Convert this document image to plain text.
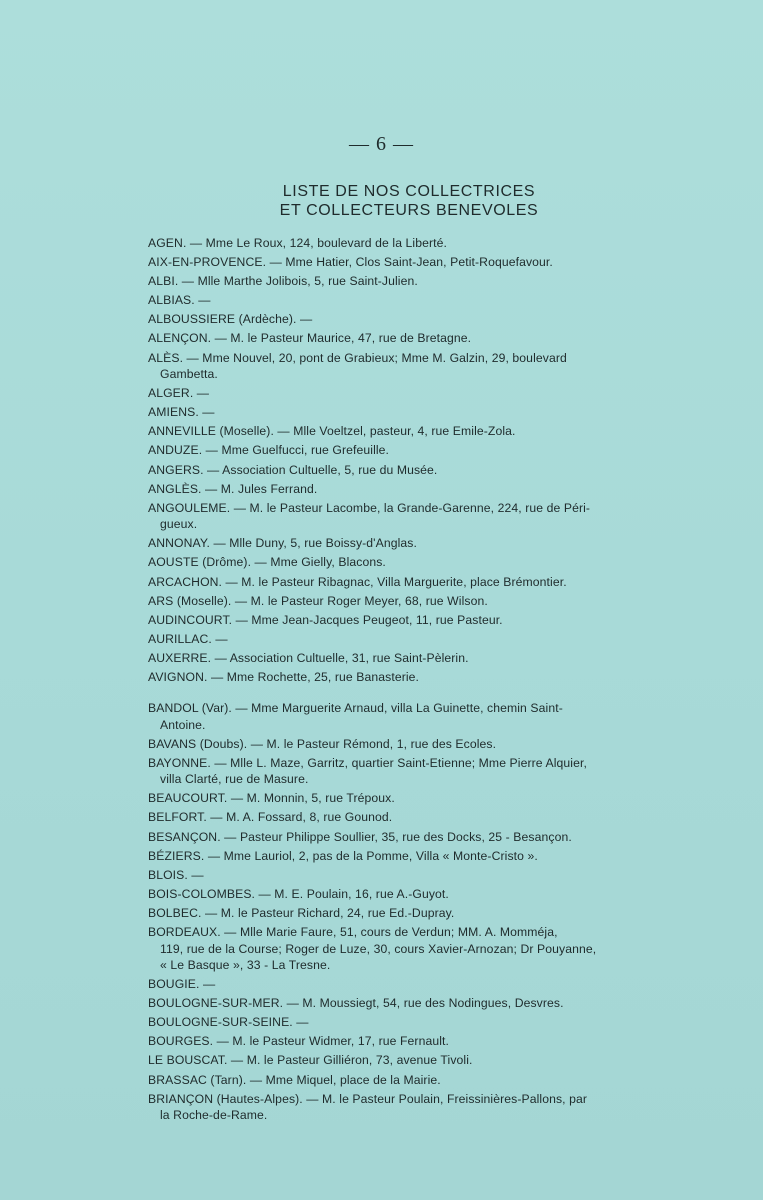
— 6 —
LISTE DE NOS COLLECTRICES
ET COLLECTEURS BENEVOLES
AGEN. — Mme Le Roux, 124, boulevard de la Liberté.
AIX-EN-PROVENCE. — Mme Hatier, Clos Saint-Jean, Petit-Roquefavour.
ALBI. — Mlle Marthe Jolibois, 5, rue Saint-Julien.
ALBIAS. —
ALBOUSSIERE (Ardèche). —
ALENÇON. — M. le Pasteur Maurice, 47, rue de Bretagne.
ALÈS. — Mme Nouvel, 20, pont de Grabieux; Mme M. Galzin, 29, boulevard
Gambetta.
ALGER. —
AMIENS. —
ANNEVILLE (Moselle). — Mlle Voeltzel, pasteur, 4, rue Emile-Zola.
ANDUZE. — Mme Guelfucci, rue Grefeuille.
ANGERS. — Association Cultuelle, 5, rue du Musée.
ANGLÈS. — M. Jules Ferrand.
ANGOULEME. — M. le Pasteur Lacombe, la Grande-Garenne, 224, rue de Péri-
gueux.
ANNONAY. — Mlle Duny, 5, rue Boissy-d'Anglas.
AOUSTE (Drôme). — Mme Gielly, Blacons.
ARCACHON. — M. le Pasteur Ribagnac, Villa Marguerite, place Brémontier.
ARS (Moselle). — M. le Pasteur Roger Meyer, 68, rue Wilson.
AUDINCOURT. — Mme Jean-Jacques Peugeot, 11, rue Pasteur.
AURILLAC. —
AUXERRE. — Association Cultuelle, 31, rue Saint-Pèlerin.
AVIGNON. — Mme Rochette, 25, rue Banasterie.
BANDOL (Var). — Mme Marguerite Arnaud, villa La Guinette, chemin Saint-
Antoine.
BAVANS (Doubs). — M. le Pasteur Rémond, 1, rue des Ecoles.
BAYONNE. — Mlle L. Maze, Garritz, quartier Saint-Etienne; Mme Pierre Alquier,
villa Clarté, rue de Masure.
BEAUCOURT. — M. Monnin, 5, rue Trépoux.
BELFORT. — M. A. Fossard, 8, rue Gounod.
BESANÇON. — Pasteur Philippe Soullier, 35, rue des Docks, 25 - Besançon.
BÉZIERS. — Mme Lauriol, 2, pas de la Pomme, Villa « Monte-Cristo ».
BLOIS. —
BOIS-COLOMBES. — M. E. Poulain, 16, rue A.-Guyot.
BOLBEC. — M. le Pasteur Richard, 24, rue Ed.-Dupray.
BORDEAUX. — Mlle Marie Faure, 51, cours de Verdun; MM. A. Momméja,
119, rue de la Course; Roger de Luze, 30, cours Xavier-Arnozan; Dr Pouyanne,
« Le Basque », 33 - La Tresne.
BOUGIE. —
BOULOGNE-SUR-MER. — M. Moussiegt, 54, rue des Nodingues, Desvres.
BOULOGNE-SUR-SEINE. —
BOURGES. — M. le Pasteur Widmer, 17, rue Fernault.
LE BOUSCAT. — M. le Pasteur Gilliéron, 73, avenue Tivoli.
BRASSAC (Tarn). — Mme Miquel, place de la Mairie.
BRIANÇON (Hautes-Alpes). — M. le Pasteur Poulain, Freissinières-Pallons, par
la Roche-de-Rame.
